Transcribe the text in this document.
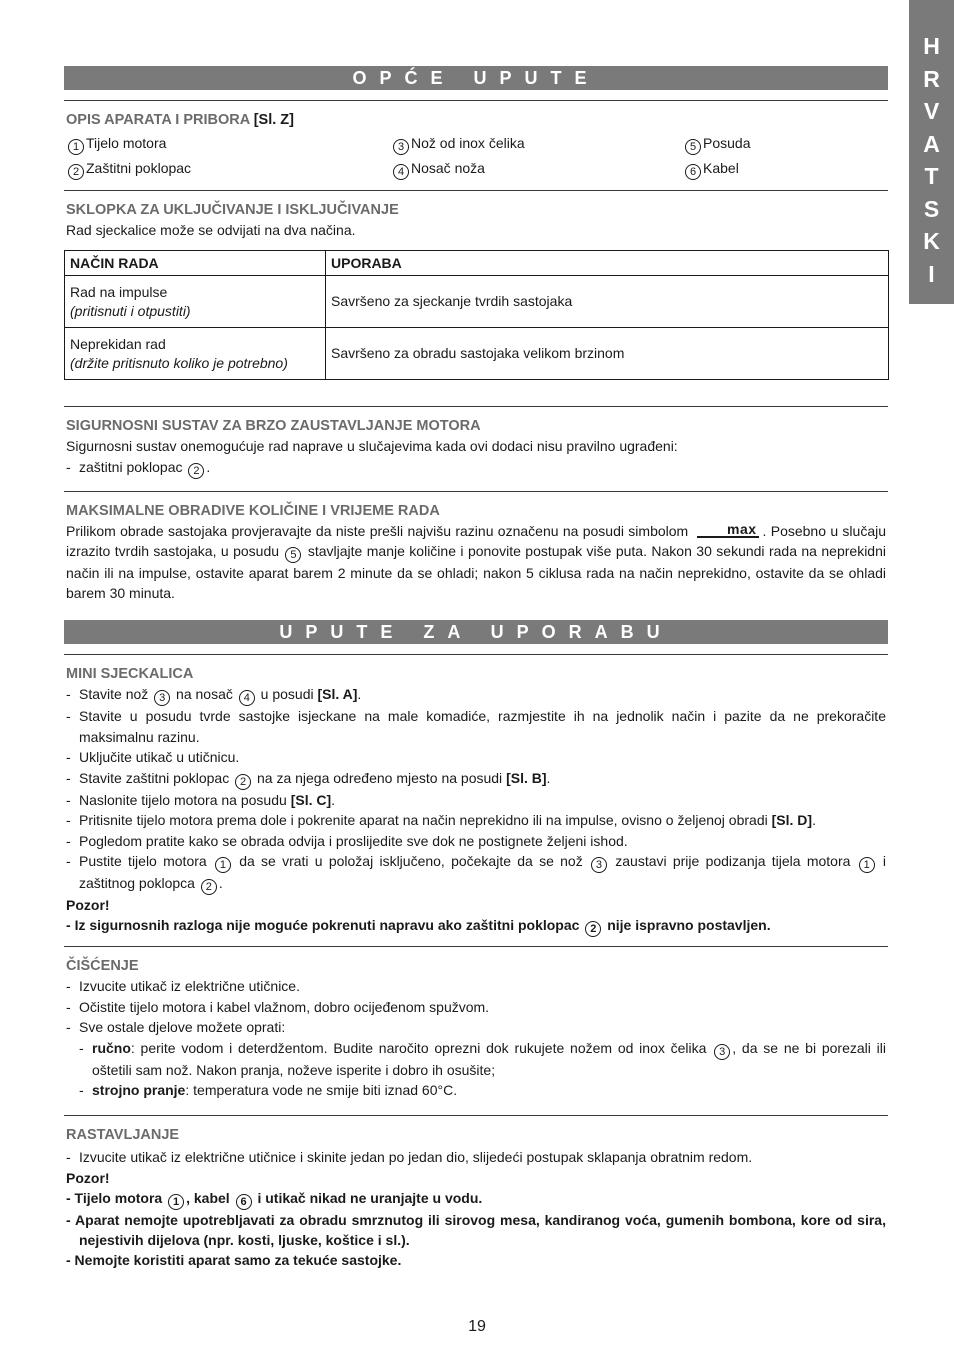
H
R
V
A
T
S
K
I
OPĆE UPUTE
OPIS APARATA I PRIBORA [Sl. Z]
1 Tijelo motora	3 Nož od inox čelika	5 Posuda
2 Zaštitni poklopac	4 Nosač noža	6 Kabel
SKLOPKA ZA UKLJUČIVANJE I ISKLJUČIVANJE
Rad sjeckalice može se odvijati na dva načina.
NAČIN RADA	UPORABA

Rad na impulse
(pritisnuti i otpustiti)	Savršeno za sjeckanje tvrdih sastojaka

Neprekidan rad
(držite pritisnuto koliko je potrebno)	Savršeno za obradu sastojaka velikom brzinom
SIGURNOSNI SUSTAV ZA BRZO ZAUSTAVLJANJE MOTORA
Sigurnosni sustav onemogućuje rad naprave u slučajevima kada ovi dodaci nisu pravilno ugrađeni:
- zaštitni poklopac 2 .
MAKSIMALNE OBRADIVE KOLIČINE I VRIJEME RADA
Prilikom obrade sastojaka provjeravajte da niste prešli najvišu razinu označenu na posudi simbolom	max . Posebno u slučaju izrazito tvrdih sastojaka, u posudu 5 stavljajte manje količine i ponovite postupak više puta. Nakon 30 sekundi rada na neprekidni način ili na impulse, ostavite aparat barem 2 minute da se ohladi; nakon 5 ciklusa rada na način neprekidno, ostavite da se ohladi barem 30 minuta.
UPUTE ZA UPORABU
MINI SJECKALICA
- Stavite nož 3 na nosač 4 u posudi [Sl. A].
- Stavite u posudu tvrde sastojke isjeckane na male komadiće, razmjestite ih na jednolik način i pazite da ne prekoračite maksimalnu razinu.
- Uključite utikač u utičnicu.
- Stavite zaštitni poklopac 2 na za njega određeno mjesto na posudi [Sl. B].
- Naslonite tijelo motora na posudu [Sl. C].
- Pritisnite tijelo motora prema dole i pokrenite aparat na način neprekidno ili na impulse, ovisno o željenoj obradi [Sl. D].
- Pogledom pratite kako se obrada odvija i proslijedite sve dok ne postignete željeni ishod.
- Pustite tijelo motora 1 da se vrati u položaj isključeno, počekajte da se nož 3 zaustavi prije podizanja tijela motora 1 i zaštitnog poklopca 2 .
Pozor!
- Iz sigurnosnih razloga nije moguće pokrenuti napravu ako zaštitni poklopac 2 nije ispravno postavljen.
ČIŠĆENJE
- Izvucite utikač iz električne utičnice.
- Očistite tijelo motora i kabel vlažnom, dobro ocijeđenom spužvom.
- Sve ostale djelove možete oprati:
- ručno: perite vodom i deterdžentom. Budite naročito oprezni dok rukujete nožem od inox čelika 3 , da se ne bi porezali ili oštetili sam nož. Nakon pranja, noževe isperite i dobro ih osušite;
- strojno pranje: temperatura vode ne smije biti iznad 60°C.
RASTAVLJANJE
- Izvucite utikač iz električne utičnice i skinite jedan po jedan dio, slijedeći postupak sklapanja obratnim redom.
Pozor!
- Tijelo motora 1 , kabel 6 i utikač nikad ne uranjajte u vodu.
- Aparat nemojte upotrebljavati za obradu smrznutog ili sirovog mesa, kandiranog voća, gumenih bombona, kore od sira, nejestivih dijelova (npr. kosti, ljuske, koštice i sl.).
- Nemojte koristiti aparat samo za tekuće sastojke.
19
